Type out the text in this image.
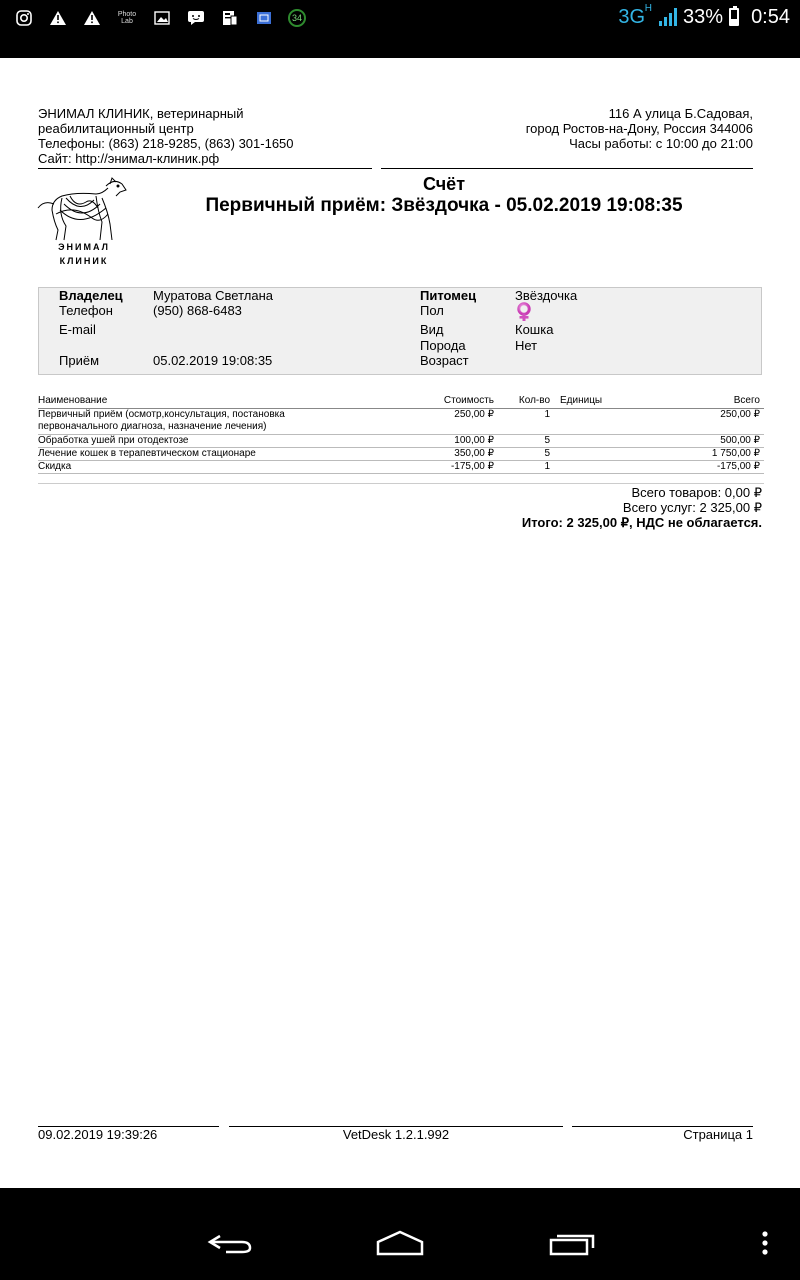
Photo Lab	34	3G H 33% 0:54
ЭНИМАЛ КЛИНИК, ветеринарный
реабилитационный центр
Телефоны: (863) 218-9285, (863) 301-1650
Сайт: http://энимал-клиник.рф
116 А улица Б.Садовая,
город Ростов-на-Дону, Россия 344006
Часы работы: с 10:00 до 21:00
ЭНИМАЛ
КЛИНИК
Счёт
Первичный приём: Звёздочка - 05.02.2019 19:08:35
Владелец Муратова Светлана
Телефон	(950) 868-6483
E-mail
Приём	05.02.2019 19:08:35
Питомец	Звёздочка
Пол
Вид	Кошка
Порода	Нет
Возраст
Наименование	Стоимость	Кол-во Единицы	Всего
Первичный приём (осмотр,консультация, постановка
первоначального диагноза, назначение лечения)
250,00 ₽	1	250,00 ₽
Обработка ушей при отодектозе	100,00 ₽	5	500,00 ₽
Лечение кошек в терапевтическом стационаре	350,00 ₽	5	1 750,00 ₽
Скидка	-175,00 ₽	1	-175,00 ₽
Всего товаров: 0,00 ₽
Всего услуг: 2 325,00 ₽
Итого: 2 325,00 ₽, НДС не облагается.
09.02.2019 19:39:26	VetDesk 1.2.1.992	Страница 1
